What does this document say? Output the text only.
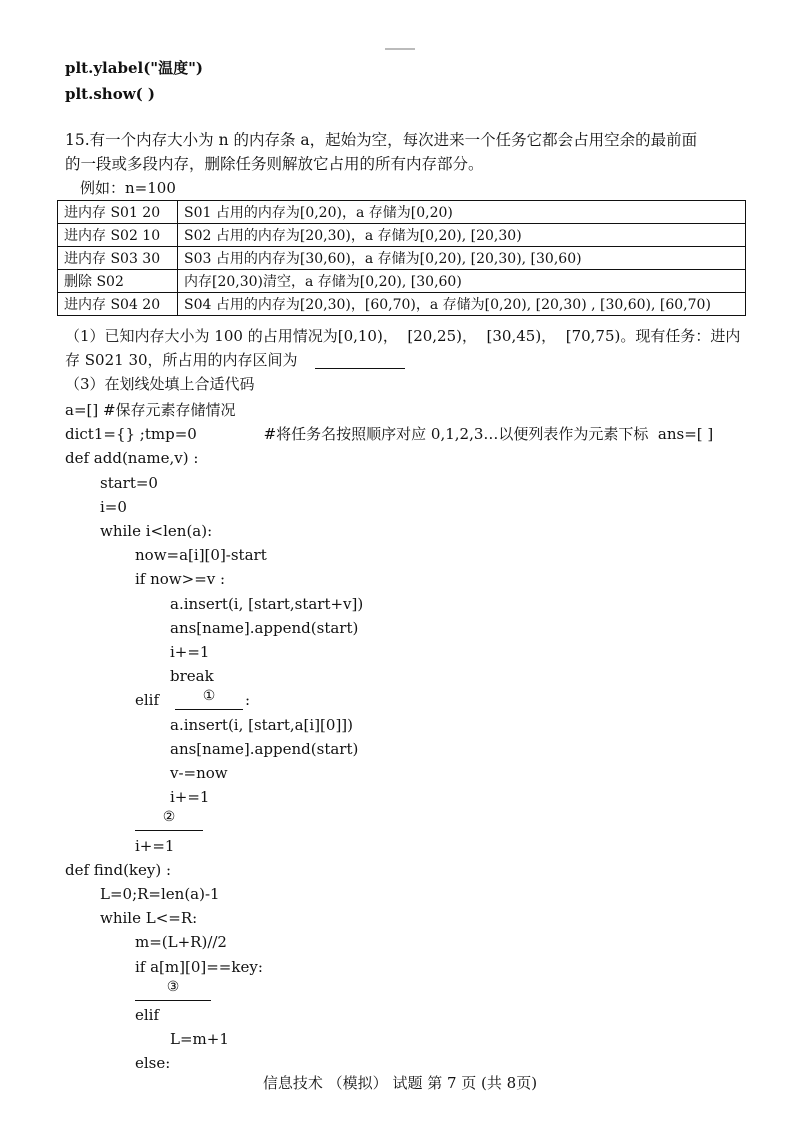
plt.ylabel("温度")
plt.show( )
15.有一个内存大小为 n 的内存条 a，起始为空，每次进来一个任务它都会占用空余的最前面
的一段或多段内存，删除任务则解放它占用的所有内存部分。
例如：n=100
进内存 S01 20	S01 占用的内存为[0,20)，a 存储为[0,20)
进内存 S02 10	S02 占用的内存为[20,30)，a 存储为[0,20), [20,30)
进内存 S03 30	S03 占用的内存为[30,60)，a 存储为[0,20), [20,30), [30,60)
删除 S02	内存[20,30)清空，a 存储为[0,20), [30,60)
进内存 S04 20	S04 占用的内存为[20,30)，[60,70)，a 存储为[0,20), [20,30) , [30,60), [60,70)
（1）已知内存大小为 100 的占用情况为[0,10)，  [20,25)，  [30,45)，  [70,75)。现有任务：进内
存 S021 30，所占用的内存区间为
（3）在划线处填上合适代码
a=[] #保存元素存储情况
dict1={} ;tmp=0              #将任务名按照顺序对应 0,1,2,3…以便列表作为元素下标  ans=[ ]
def add(name,v) :
start=0
i=0
while i<len(a):
now=a[i][0]-start
if now>=v :
a.insert(i, [start,start+v])
ans[name].append(start)
i+=1
break
elif
a.insert(i, [start,a[i][0]])
ans[name].append(start)
v-=now
i+=1
i+=1
def find(key) :
L=0;R=len(a)-1
while L<=R:
m=(L+R)//2
if a[m][0]==key:
elif
L=m+1
else:
①	:
②
③
信息技术 （模拟） 试题 第 7 页 (共 8页)
